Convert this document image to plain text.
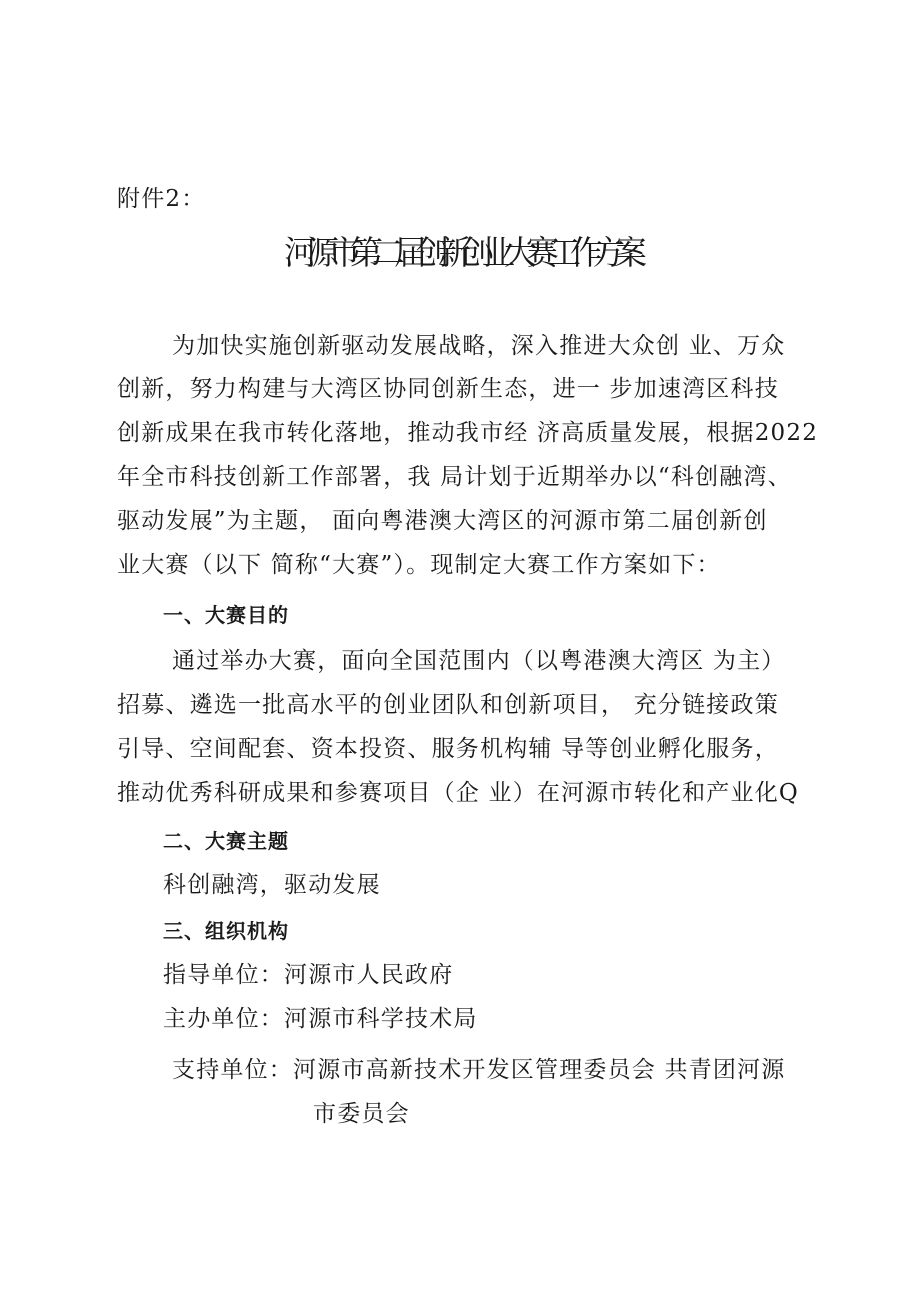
附件2：
河源市第二届创新创业大赛工作方案
为加快实施创新驱动发展战略，深入推进大众创 业、万众
创新，努力构建与大湾区协同创新生态，进一 步加速湾区科技
创新成果在我市转化落地，推动我市经 济高质量发展，根据2022
年全市科技创新工作部署，我 局计划于近期举办以“科创融湾、
驱动发展”为主题， 面向粤港澳大湾区的河源市第二届创新创
业大赛（以下 简称“大赛”）。现制定大赛工作方案如下：
一、大赛目的
通过举办大赛，面向全国范围内（以粤港澳大湾区 为主）
招募、遴选一批高水平的创业团队和创新项目， 充分链接政策
引导、空间配套、资本投资、服务机构辅 导等创业孵化服务，
推动优秀科研成果和参赛项目（企 业）在河源市转化和产业化Q
二、大赛主题
科创融湾，驱动发展
三、组织机构
指导单位：河源市人民政府
主办单位：河源市科学技术局
支持单位：河源市高新技术开发区管理委员会 共青团河源
市委员会
